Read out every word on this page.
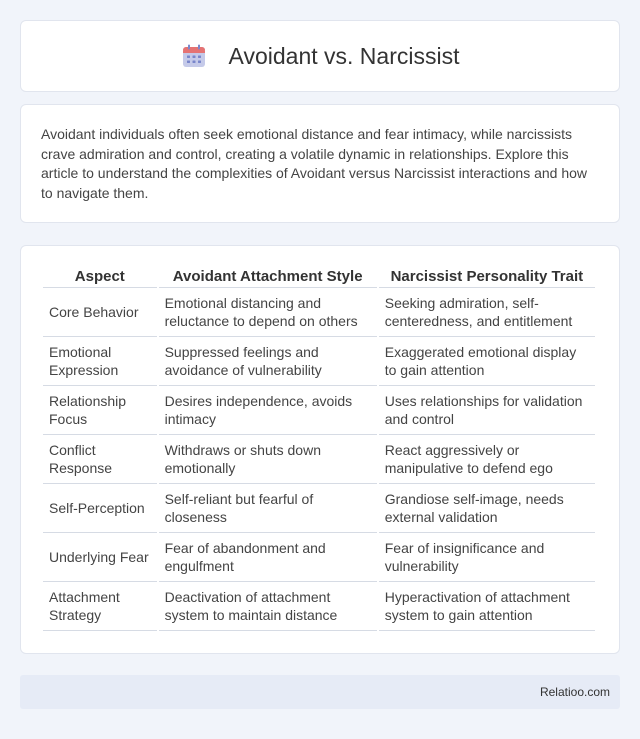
Avoidant vs. Narcissist

Avoidant individuals often seek emotional distance and fear intimacy, while narcissists crave admiration and control, creating a volatile dynamic in relationships. Explore this article to understand the complexities of Avoidant versus Narcissist interactions and how to navigate them.

Aspect	Avoidant Attachment Style	Narcissist Personality Trait
Core Behavior	Emotional distancing and reluctance to depend on others	Seeking admiration, self-centeredness, and entitlement
Emotional Expression	Suppressed feelings and avoidance of vulnerability	Exaggerated emotional display to gain attention
Relationship Focus	Desires independence, avoids intimacy	Uses relationships for validation and control
Conflict Response	Withdraws or shuts down emotionally	React aggressively or manipulative to defend ego
Self-Perception	Self-reliant but fearful of closeness	Grandiose self-image, needs external validation
Underlying Fear	Fear of abandonment and engulfment	Fear of insignificance and vulnerability
Attachment Strategy	Deactivation of attachment system to maintain distance	Hyperactivation of attachment system to gain attention
Relatioo.com
